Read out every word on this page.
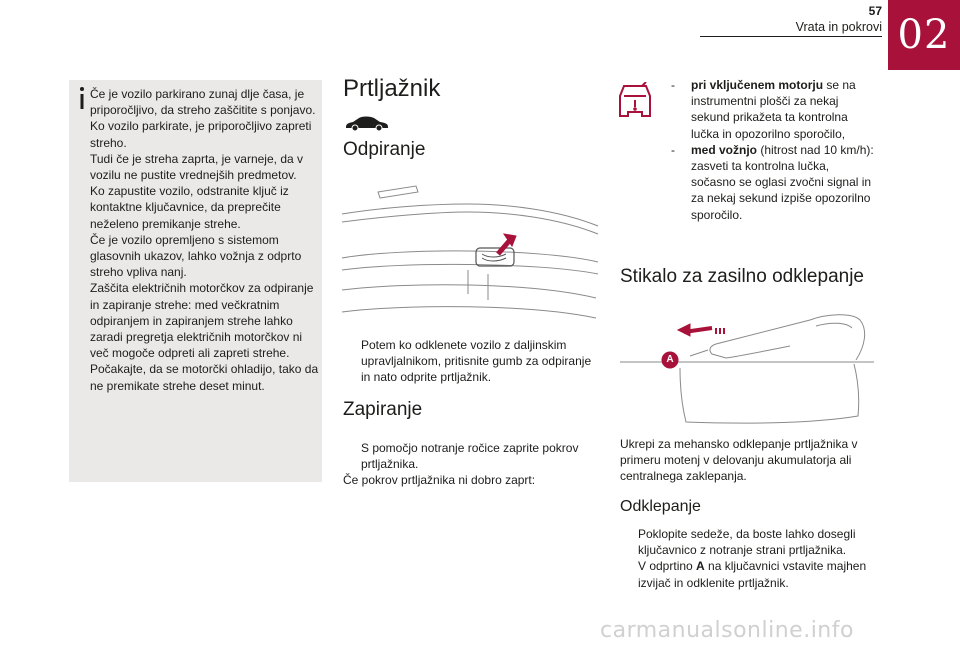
57
Vrata in pokrovi 02

Če je vozilo parkirano zunaj dlje časa, je priporočljivo, da streho zaščitite s ponjavo.

Ko vozilo parkirate, je priporočljivo zapreti streho.

Tudi če je streha zaprta, je varneje, da v vozilu ne pustite vrednejših predmetov.

Ko zapustite vozilo, odstranite ključ iz kontaktne ključavnice, da preprečite neželeno premikanje strehe.

Če je vozilo opremljeno s sistemom glasovnih ukazov, lahko vožnja z odprto streho vpliva nanj.

Zaščita električnih motorčkov za odpiranje in zapiranje strehe: med večkratnim odpiranjem in zapiranjem strehe lahko zaradi pregretja električnih motorčkov ni več mogoče odpreti ali zapreti strehe.

Počakajte, da se motorčki ohladijo, tako da ne premikate strehe deset minut.

Prtljažnik
Odpiranje
Potem ko odklenete vozilo z daljinskim upravljalnikom, pritisnite gumb za odpiranje in nato odprite prtljažnik.
Zapiranje
S pomočjo notranje ročice zaprite pokrov prtljažnika.
Če pokrov prtljažnika ni dobro zaprt:
-	pri vključenem motorju se na instrumentni plošči za nekaj sekund prikažeta ta kontrolna lučka in opozorilno sporočilo,
-	med vožnjo (hitrost nad 10 km/h): zasveti ta kontrolna lučka, sočasno se oglasi zvočni signal in za nekaj sekund izpiše opozorilno sporočilo.
Stikalo za zasilno odklepanje
A

Ukrepi za mehansko odklepanje prtljažnika v primeru motenj v delovanju akumulatorja ali centralnega zaklepanja.

Odklepanje
Poklopite sedeže, da boste lahko dosegli ključavnico z notranje strani prtljažnika.
V odprtino A na ključavnici vstavite majhen izvijač in odklenite prtljažnik.
carmanualsonline.info
